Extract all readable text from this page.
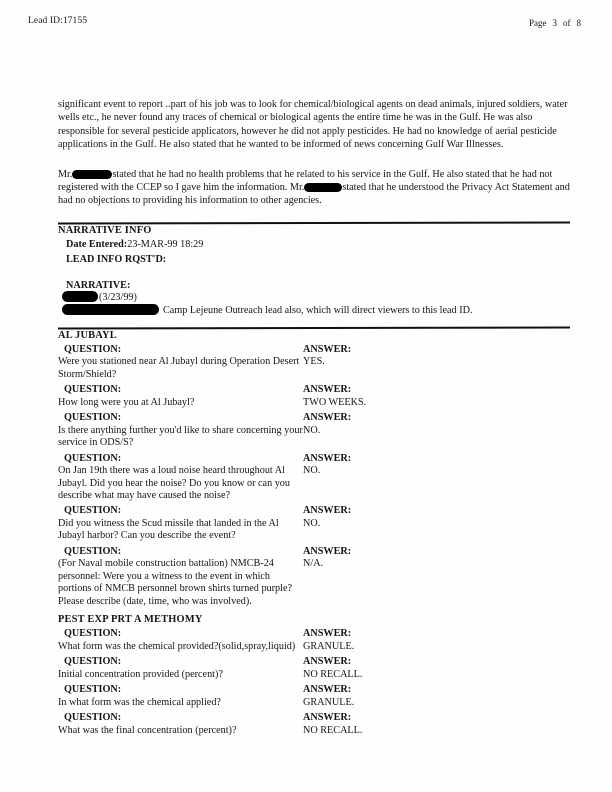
Lead ID:17155	Page 3 of 8

significant event to report ..part of his job was to look for chemical/biological agents on dead animals, injured soldiers, water wells etc., he never found any traces of chemical or biological agents the entire time he was in the Gulf. He was also responsible for several pesticide applicators, however he did not apply pesticides. He had no knowledge of aerial pesticide applications in the Gulf. He also stated that he wanted to be informed of news concerning Gulf War Illnesses.

Mr.	stated that he had no health problems that he related to his service in the Gulf. He also stated that he had not registered with the CCEP so I gave him the information. Mr.	stated that he understood the Privacy Act Statement and had no objections to providing his information to other agencies.

NARRATIVE INFO
Date Entered:23-MAR-99 18:29
LEAD INFO RQST'D:
NARRATIVE:
(3/23/99)
Camp Lejeune Outreach lead also, which will direct viewers to this lead ID.
AL JUBAYL
QUESTION:
Were you stationed near Al Jubayl during Operation Desert Storm/Shield?
ANSWER:
YES.
QUESTION:
How long were you at Al Jubayl?
ANSWER:
TWO WEEKS.
QUESTION:
Is there anything further you'd like to share concerning your service in ODS/S?
ANSWER:
NO.
QUESTION:
On Jan 19th there was a loud noise heard throughout Al Jubayl. Did you hear the noise? Do you know or can you describe what may have caused the noise?
ANSWER:
NO.
QUESTION:
Did you witness the Scud missile that landed in the Al Jubayl harbor? Can you describe the event?
ANSWER:
NO.
QUESTION:
(For Naval mobile construction battalion) NMCB-24 personnel: Were you a witness to the event in which portions of NMCB personnel brown shirts turned purple? Please describe (date, time, who was involved).
ANSWER:
N/A.
PEST EXP PRT A METHOMY
QUESTION:
What form was the chemical provided?(solid,spray,liquid)
ANSWER:
GRANULE.
QUESTION:
Initial concentration provided (percent)?
ANSWER:
NO RECALL.
QUESTION:
In what form was the chemical applied?
ANSWER:
GRANULE.
QUESTION:
What was the final concentration (percent)?
ANSWER:
NO RECALL.
